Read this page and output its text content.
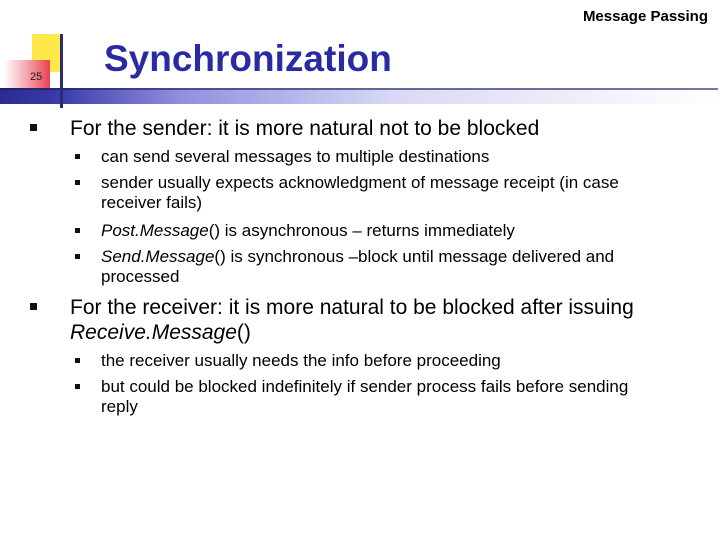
Message Passing
25 Synchronization
For the sender: it is more natural not to be blocked
can send several messages to multiple destinations
sender usually expects acknowledgment of message receipt (in case receiver fails)
Post.Message() is asynchronous – returns immediately
Send.Message() is synchronous –block until message delivered and processed
For the receiver: it is more natural to be blocked after issuing Receive.Message()
the receiver usually needs the info before proceeding
but could be blocked indefinitely if sender process fails before sending reply
